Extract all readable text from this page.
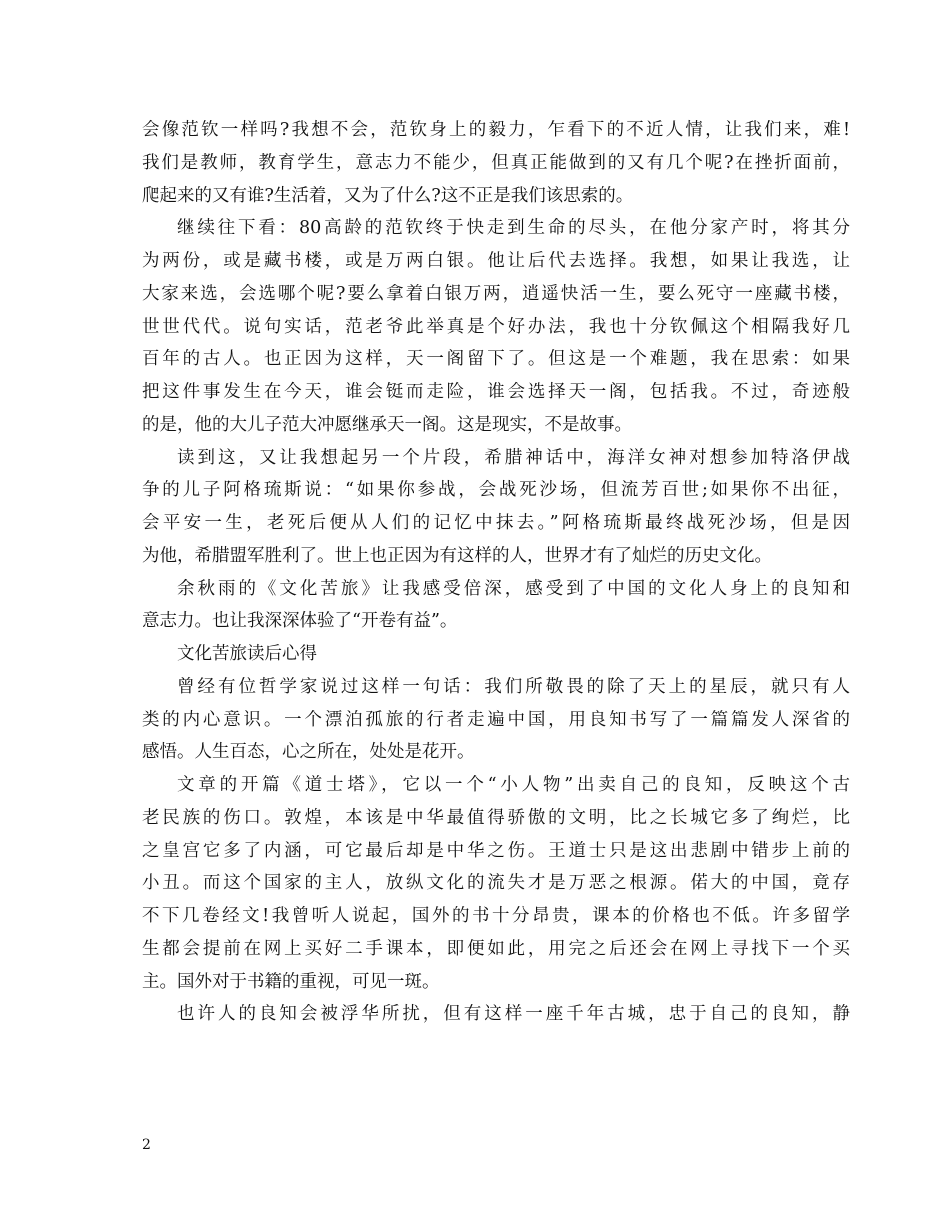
会像范钦一样吗?我想不会，范钦身上的毅力，乍看下的不近人情，让我们来，难!
我们是教师，教育学生，意志力不能少，但真正能做到的又有几个呢?在挫折面前，
爬起来的又有谁?生活着，又为了什么?这不正是我们该思索的。
继续往下看：80高龄的范钦终于快走到生命的尽头，在他分家产时，将其分
为两份，或是藏书楼，或是万两白银。他让后代去选择。我想，如果让我选，让
大家来选，会选哪个呢?要么拿着白银万两，逍遥快活一生，要么死守一座藏书楼，
世世代代。说句实话，范老爷此举真是个好办法，我也十分钦佩这个相隔我好几
百年的古人。也正因为这样，天一阁留下了。但这是一个难题，我在思索：如果
把这件事发生在今天，谁会铤而走险，谁会选择天一阁，包括我。不过，奇迹般
的是，他的大儿子范大冲愿继承天一阁。这是现实，不是故事。
读到这，又让我想起另一个片段，希腊神话中，海洋女神对想参加特洛伊战
争的儿子阿格琉斯说：“如果你参战，会战死沙场，但流芳百世;如果你不出征，
会平安一生，老死后便从人们的记忆中抹去。”阿格琉斯最终战死沙场，但是因
为他，希腊盟军胜利了。世上也正因为有这样的人，世界才有了灿烂的历史文化。
余秋雨的《文化苦旅》让我感受倍深，感受到了中国的文化人身上的良知和
意志力。也让我深深体验了“开卷有益”。
文化苦旅读后心得
曾经有位哲学家说过这样一句话：我们所敬畏的除了天上的星辰，就只有人
类的内心意识。一个漂泊孤旅的行者走遍中国，用良知书写了一篇篇发人深省的
感悟。人生百态，心之所在，处处是花开。
文章的开篇《道士塔》，它以一个“小人物”出卖自己的良知，反映这个古
老民族的伤口。敦煌，本该是中华最值得骄傲的文明，比之长城它多了绚烂，比
之皇宫它多了内涵，可它最后却是中华之伤。王道士只是这出悲剧中错步上前的
小丑。而这个国家的主人，放纵文化的流失才是万恶之根源。偌大的中国，竟存
不下几卷经文!我曾听人说起，国外的书十分昂贵，课本的价格也不低。许多留学
生都会提前在网上买好二手课本，即便如此，用完之后还会在网上寻找下一个买
主。国外对于书籍的重视，可见一斑。
也许人的良知会被浮华所扰，但有这样一座千年古城，忠于自己的良知，静
2
